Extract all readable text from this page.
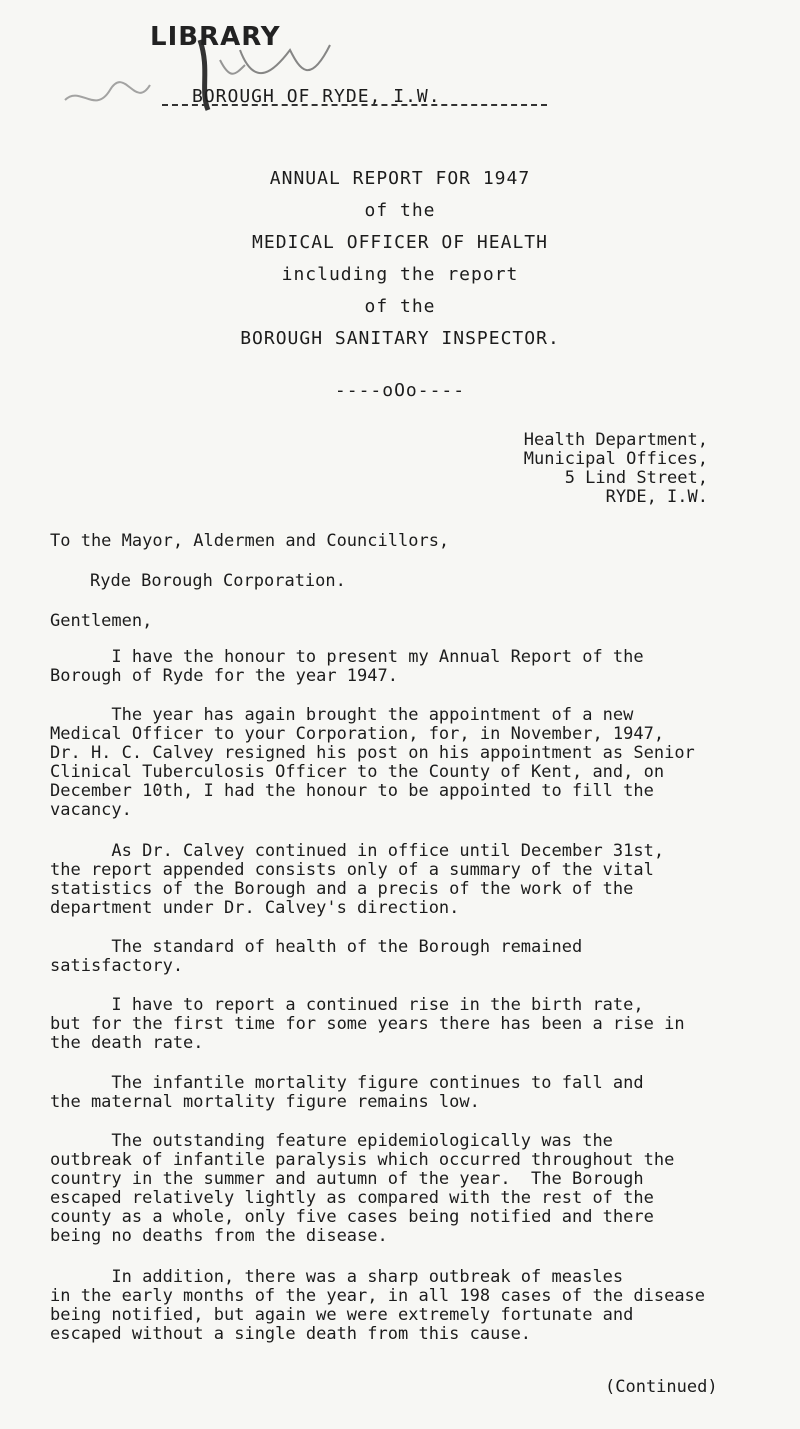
LIBRARY
BOROUGH OF RYDE, I.W.
ANNUAL REPORT FOR 1947
of the
MEDICAL OFFICER OF HEALTH
including the report
of the
BOROUGH SANITARY INSPECTOR.
----oOo----
Health Department,
Municipal Offices,
5 Lind Street,
RYDE, I.W.
To the Mayor, Aldermen and Councillors,
Ryde Borough Corporation.
Gentlemen,
I have the honour to present my Annual Report of the
Borough of Ryde for the year 1947.
The year has again brought the appointment of a new
Medical Officer to your Corporation, for, in November, 1947,
Dr. H. C. Calvey resigned his post on his appointment as Senior
Clinical Tuberculosis Officer to the County of Kent, and, on
December 10th, I had the honour to be appointed to fill the
vacancy.
As Dr. Calvey continued in office until December 31st,
the report appended consists only of a summary of the vital
statistics of the Borough and a precis of the work of the
department under Dr. Calvey's direction.
The standard of health of the Borough remained
satisfactory.
I have to report a continued rise in the birth rate,
but for the first time for some years there has been a rise in
the death rate.
The infantile mortality figure continues to fall and
the maternal mortality figure remains low.
The outstanding feature epidemiologically was the
outbreak of infantile paralysis which occurred throughout the
country in the summer and autumn of the year.  The Borough
escaped relatively lightly as compared with the rest of the
county as a whole, only five cases being notified and there
being no deaths from the disease.
In addition, there was a sharp outbreak of measles
in the early months of the year, in all 198 cases of the disease
being notified, but again we were extremely fortunate and
escaped without a single death from this cause.
(Continued)
